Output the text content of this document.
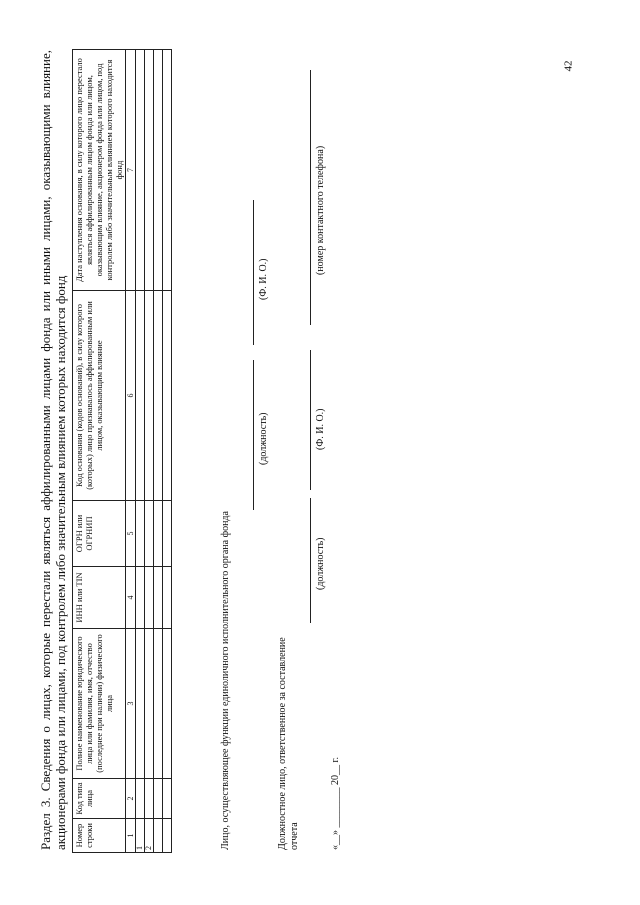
42
Раздел 3. Сведения о лицах, которые перестали являться аффилированными лицами фонда или иными лицами, оказывающими влияние, акционерами фонда или лицами, под контролем либо значительным влиянием которых находится фонд Номер строки	Код типа лица	Полное наименование юридического лица или фамилия, имя, отчество (последнее при наличии) физического лица	ИНН или TIN	ОГРН или ОГРНИП	Код основания (кодов оснований), в силу которого (которых) лицо признавалось аффилированным или лицом, оказывающим влияние	Дата наступления основания, в силу которого лицо перестало являться аффилированным лицом фонда или лицом, оказывающим влияние, акционером фонда или лицом, под контролем либо значительным влиянием которого находится фонд
1	2	3	4	5	6	7
1						
2						

							Лицо, осуществляющее функции единоличного исполнительного органа фонда
(должность)
(Ф. И. О.)
Должностное лицо, ответственное за составление отчета
(должность)
(Ф. И. О.)
(номер контактного телефона)
«__» ________ 20__ г.
